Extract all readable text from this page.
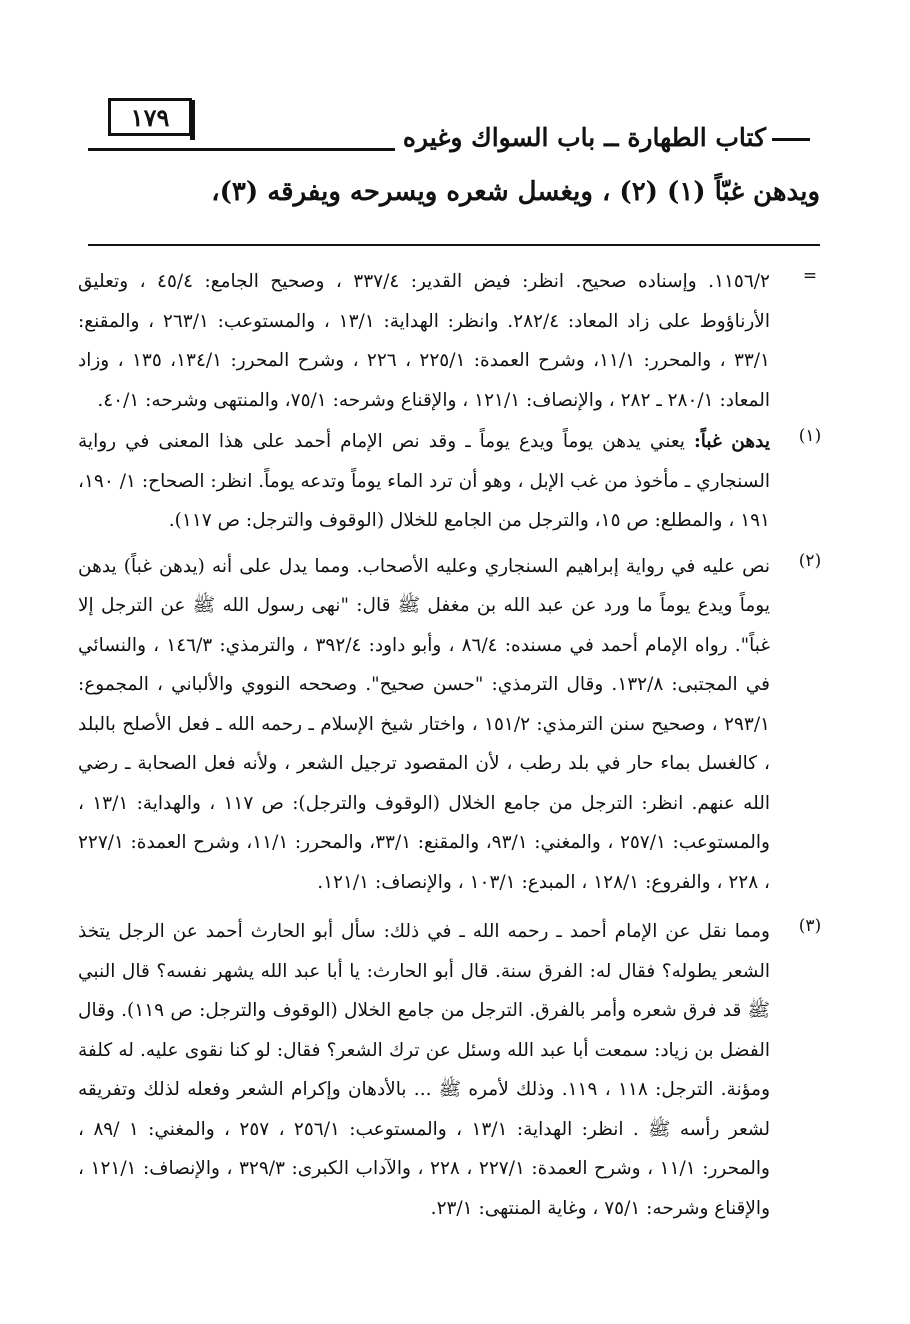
١٧٩
كتاب الطهارة ــ باب السواك وغيره
ويدهن غبّاً (١) (٢) ، ويغسل شعره ويسرحه ويفرقه (٣)،
=
١١٥٦/٢. وإسناده صحيح. انظر: فيض القدير: ٣٣٧/٤ ، وصحيح الجامع: ٤٥/٤ ، وتعليق الأرناؤوط على زاد المعاد: ٢٨٢/٤. وانظر: الهداية: ١٣/١ ، والمستوعب: ٢٦٣/١ ، والمقنع: ٣٣/١ ، والمحرر: ١١/١، وشرح العمدة: ٢٢٥/١ ، ٢٢٦ ، وشرح المحرر: ١٣٤/١، ١٣٥ ، وزاد المعاد: ٢٨٠/١ ـ ٢٨٢ ، والإنصاف: ١٢١/١ ، والإقناع وشرحه: ٧٥/١، والمنتهى وشرحه: ٤٠/١.
(١)
يدهن غباً: يعني يدهن يوماً ويدع يوماً ـ وقد نص الإمام أحمد على هذا المعنى في رواية السنجاري ـ مأخوذ من غب الإبل ، وهو أن ترد الماء يوماً وتدعه يوماً. انظر: الصحاح: ١/ ١٩٠، ١٩١ ، والمطلع: ص ١٥، والترجل من الجامع للخلال (الوقوف والترجل: ص ١١٧).
(٢)
نص عليه في رواية إبراهيم السنجاري وعليه الأصحاب. ومما يدل على أنه (يدهن غباً) يدهن يوماً ويدع يوماً ما ورد عن عبد الله بن مغفل ﷺ قال: "نهى رسول الله ﷺ عن الترجل إلا غباً". رواه الإمام أحمد في مسنده: ٨٦/٤ ، وأبو داود: ٣٩٢/٤ ، والترمذي: ١٤٦/٣ ، والنسائي في المجتبى: ١٣٢/٨. وقال الترمذي: "حسن صحيح". وصححه النووي والألباني ، المجموع: ٢٩٣/١ ، وصحيح سنن الترمذي: ١٥١/٢ ، واختار شيخ الإسلام ـ رحمه الله ـ فعل الأصلح بالبلد ، كالغسل بماء حار في بلد رطب ، لأن المقصود ترجيل الشعر ، ولأنه فعل الصحابة ـ رضي الله عنهم. انظر: الترجل من جامع الخلال (الوقوف والترجل): ص ١١٧ ، والهداية: ١٣/١ ، والمستوعب: ٢٥٧/١ ، والمغني: ٩٣/١، والمقنع: ٣٣/١، والمحرر: ١١/١، وشرح العمدة: ٢٢٧/١ ، ٢٢٨ ، والفروع: ١٢٨/١ ، المبدع: ١٠٣/١ ، والإنصاف: ١٢١/١.
(٣)
ومما نقل عن الإمام أحمد ـ رحمه الله ـ في ذلك: سأل أبو الحارث أحمد عن الرجل يتخذ الشعر يطوله؟ فقال له: الفرق سنة. قال أبو الحارث: يا أبا عبد الله يشهر نفسه؟ قال النبي ﷺ قد فرق شعره وأمر بالفرق. الترجل من جامع الخلال (الوقوف والترجل: ص ١١٩). وقال الفضل بن زياد: سمعت أبا عبد الله وسئل عن ترك الشعر؟ فقال: لو كنا نقوى عليه. له كلفة ومؤنة. الترجل: ١١٨ ، ١١٩. وذلك لأمره ﷺ ... بالأدهان وإكرام الشعر وفعله لذلك وتفريقه لشعر رأسه ﷺ . انظر: الهداية: ١٣/١ ، والمستوعب: ٢٥٦/١ ، ٢٥٧ ، والمغني: ١ /٨٩ ، والمحرر: ١١/١ ، وشرح العمدة: ٢٢٧/١ ، ٢٢٨ ، والآداب الكبرى: ٣٢٩/٣ ، والإنصاف: ١٢١/١ ، والإقناع وشرحه: ٧٥/١ ، وغاية المنتهى: ٢٣/١.
